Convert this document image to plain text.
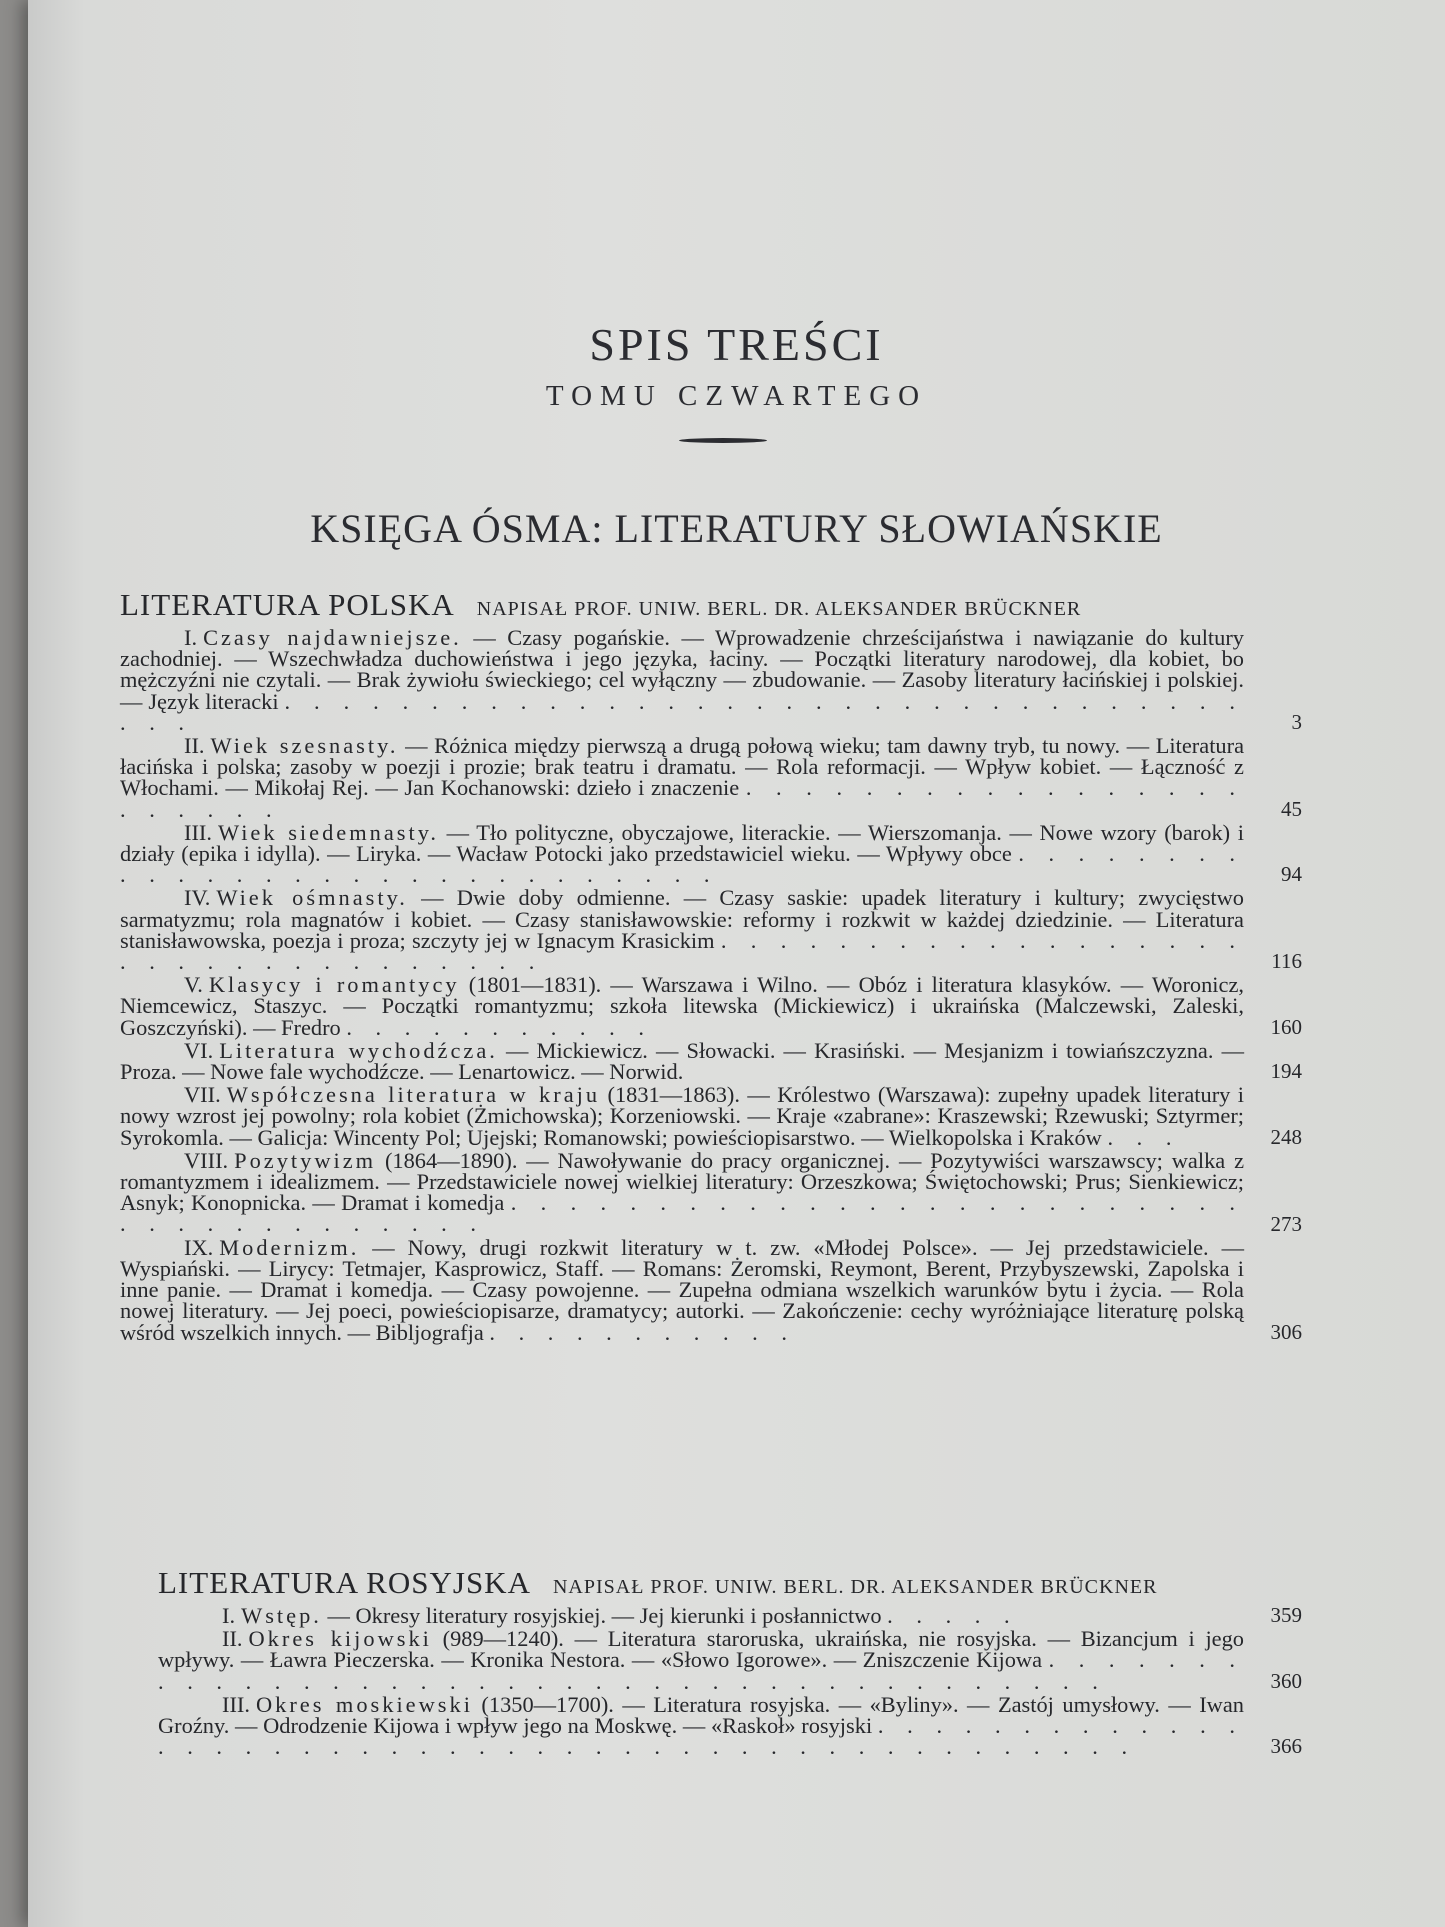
SPIS TREŚCI
TOMU CZWARTEGO
KSIĘGA ÓSMA: LITERATURY SŁOWIAŃSKIE
LITERATURA POLSKA NAPISAŁ PROF. UNIW. BERL. DR. ALEKSANDER BRÜCKNER

I. Czasy najdawniejsze. — Czasy pogańskie. — Wprowadzenie chrześcijaństwa i nawiązanie do kultury zachodniej. — Wszechwładza duchowieństwa i jego języka, łaciny. — Początki literatury narodowej, dla kobiet, bo mężczyźni nie czytali. — Brak żywiołu świeckiego; cel wyłączny — zbudowanie. — Zasoby literatury łacińskiej i polskiej. — Język literacki . . . . . . . . . . . . . . . . . . . . . . . . . . . . . . . . . . . .	3

II. Wiek szesnasty. — Różnica między pierwszą a drugą połową wieku; tam dawny tryb, tu nowy. — Literatura łacińska i polska; zasoby w poezji i prozie; brak teatru i dramatu. — Rola reformacji. — Wpływ kobiet. — Łączność z Włochami. — Mikołaj Rej. — Jan Kochanowski: dzieło i znaczenie . . . . . . . . . . . . . . . . . . . . . . .	45

III. Wiek siedemnasty. — Tło polityczne, obyczajowe, literackie. — Wierszomanja. — Nowe wzory (barok) i działy (epika i idylla). — Liryka. — Wacław Potocki jako przedstawiciel wieku. — Wpływy obce . . . . . . . . . . . . . . . . . . . . . . . . . . . . .	94

IV. Wiek ośmnasty. — Dwie doby odmienne. — Czasy saskie: upadek literatury i kultury; zwycięstwo sarmatyzmu; rola magnatów i kobiet. — Czasy stanisławowskie: reformy i rozkwit w każdej dziedzinie. — Literatura stanisławowska, poezja i proza; szczyty jej w Ignacym Krasickim . . . . . . . . . . . . . . . . . . . . . . . . . . . . . . . . .	116

V. Klasycy i romantycy (1801—1831). — Warszawa i Wilno. — Obóz i literatura klasyków. — Woronicz, Niemcewicz, Staszyc. — Początki romantyzmu; szkoła litewska (Mickiewicz) i ukraińska (Malczewski, Zaleski, Goszczyński). — Fredro . . . . . . . . . . .	160

VI. Literatura wychodźcza. — Mickiewicz. — Słowacki. — Krasiński. — Mesjanizm i towiańszczyzna. — Proza. — Nowe fale wychodźcze. — Lenartowicz. — Norwid.	194

VII. Współczesna literatura w kraju (1831—1863). — Królestwo (Warszawa): zupełny upadek literatury i nowy wzrost jej powolny; rola kobiet (Żmichowska); Korzeniowski. — Kraje «zabrane»: Kraszewski; Rzewuski; Sztyrmer; Syrokomla. — Galicja: Wincenty Pol; Ujejski; Romanowski; powieściopisarstwo. — Wielkopolska i Kraków . . .	248

VIII. Pozytywizm (1864—1890). — Nawoływanie do pracy organicznej. — Pozytywiści warszawscy; walka z romantyzmem i idealizmem. — Przedstawiciele nowej wielkiej literatury: Orzeszkowa; Świętochowski; Prus; Sienkiewicz; Asnyk; Konopnicka. — Dramat i komedja . . . . . . . . . . . . . . . . . . . . . . . . . . . . . . . . . . . . . .	273

IX. Modernizm. — Nowy, drugi rozkwit literatury w t. zw. «Młodej Polsce». — Jej przedstawiciele. — Wyspiański. — Lirycy: Tetmajer, Kasprowicz, Staff. — Romans: Żeromski, Reymont, Berent, Przybyszewski, Zapolska i inne panie. — Dramat i komedja. — Czasy powojenne. — Zupełna odmiana wszelkich warunków bytu i życia. — Rola nowej literatury. — Jej poeci, powieściopisarze, dramatycy; autorki. — Zakończenie: cechy wyróżniające literaturę polską wśród wszelkich innych. — Bibljografja . . . . . . . . . . .	306

LITERATURA ROSYJSKA NAPISAŁ PROF. UNIW. BERL. DR. ALEKSANDER BRÜCKNER

I. Wstęp. — Okresy literatury rosyjskiej. — Jej kierunki i posłannictwo . . . . .	359

II. Okres kijowski (989—1240). — Literatura staroruska, ukraińska, nie rosyjska. — Bizancjum i jego wpływy. — Ławra Pieczerska. — Kronika Nestora. — «Słowo Igorowe». — Zniszczenie Kijowa . . . . . . . . . . . . . . . . . . . . . . . . . . . . . . . . . . . . . . . .	360

III. Okres moskiewski (1350—1700). — Literatura rosyjska. — «Byliny». — Zastój umysłowy. — Iwan Groźny. — Odrodzenie Kijowa i wpływ jego na Moskwę. — «Raskoł» rosyjski . . . . . . . . . . . . . . . . . . . . . . . . . . . . . . . . . . . . . . . . . . . . . . .	366
